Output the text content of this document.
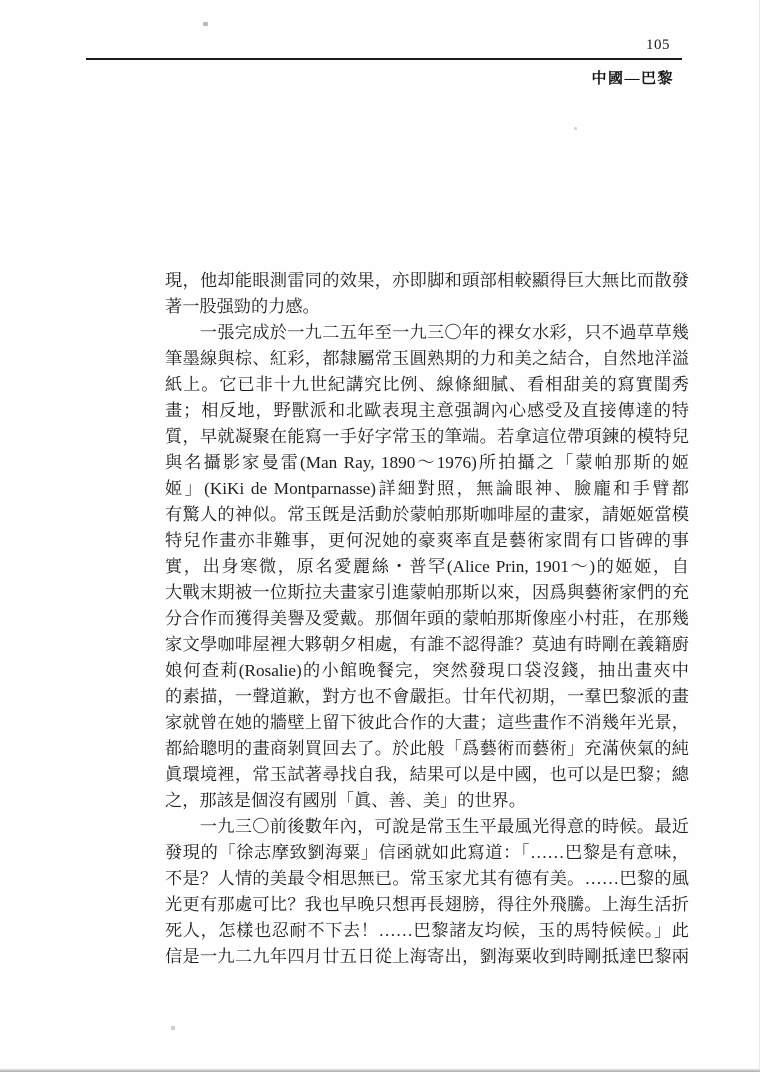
105
中國—巴黎
現，他却能眼測雷同的效果，亦即脚和頭部相較顯得巨大無比而散發
著一股强勁的力感。
一張完成於一九二五年至一九三〇年的裸女水彩，只不過草草幾
筆墨線與棕、紅彩，都隸屬常玉圓熟期的力和美之結合，自然地洋溢
紙上。它已非十九世紀講究比例、線條細膩、看相甜美的寫實閨秀
畫；相反地，野獸派和北歐表現主意强調內心感受及直接傳達的特
質，早就凝聚在能寫一手好字常玉的筆端。若拿這位帶項鍊的模特兒
與名攝影家曼雷(Man Ray, 1890～1976)所拍攝之「蒙帕那斯的姬
姬」(KiKi de Montparnasse)詳細對照，無論眼神、臉龐和手臂都
有驚人的神似。常玉旣是活動於蒙帕那斯咖啡屋的畫家，請姬姬當模
特兒作畫亦非難事，更何況她的豪爽率直是藝術家間有口皆碑的事
實，出身寒微，原名愛麗絲・普罕(Alice Prin, 1901～)的姬姬，自
大戰末期被一位斯拉夫畫家引進蒙帕那斯以來，因爲與藝術家們的充
分合作而獲得美譽及愛戴。那個年頭的蒙帕那斯像座小村莊，在那幾
家文學咖啡屋裡大夥朝夕相處，有誰不認得誰？莫迪有時剛在義籍廚
娘何查莉(Rosalie)的小館晚餐完，突然發現口袋沒錢，抽出畫夾中
的素描，一聲道歉，對方也不會嚴拒。廿年代初期，一羣巴黎派的畫
家就曾在她的牆壁上留下彼此合作的大畫；這些畫作不消幾年光景，
都給聰明的畫商剝買回去了。於此般「爲藝術而藝術」充滿俠氣的純
眞環境裡，常玉試著尋找自我，結果可以是中國，也可以是巴黎；總
之，那該是個沒有國別「眞、善、美」的世界。
一九三〇前後數年內，可說是常玉生平最風光得意的時候。最近
發現的「徐志摩致劉海粟」信函就如此寫道：「……巴黎是有意味，
不是？人情的美最令相思無已。常玉家尤其有德有美。……巴黎的風
光更有那處可比？我也早晚只想再長翅膀，得往外飛騰。上海生活折
死人，怎樣也忍耐不下去！……巴黎諸友均候，玉的馬特候候。」此
信是一九二九年四月廿五日從上海寄出，劉海粟收到時剛抵達巴黎兩
